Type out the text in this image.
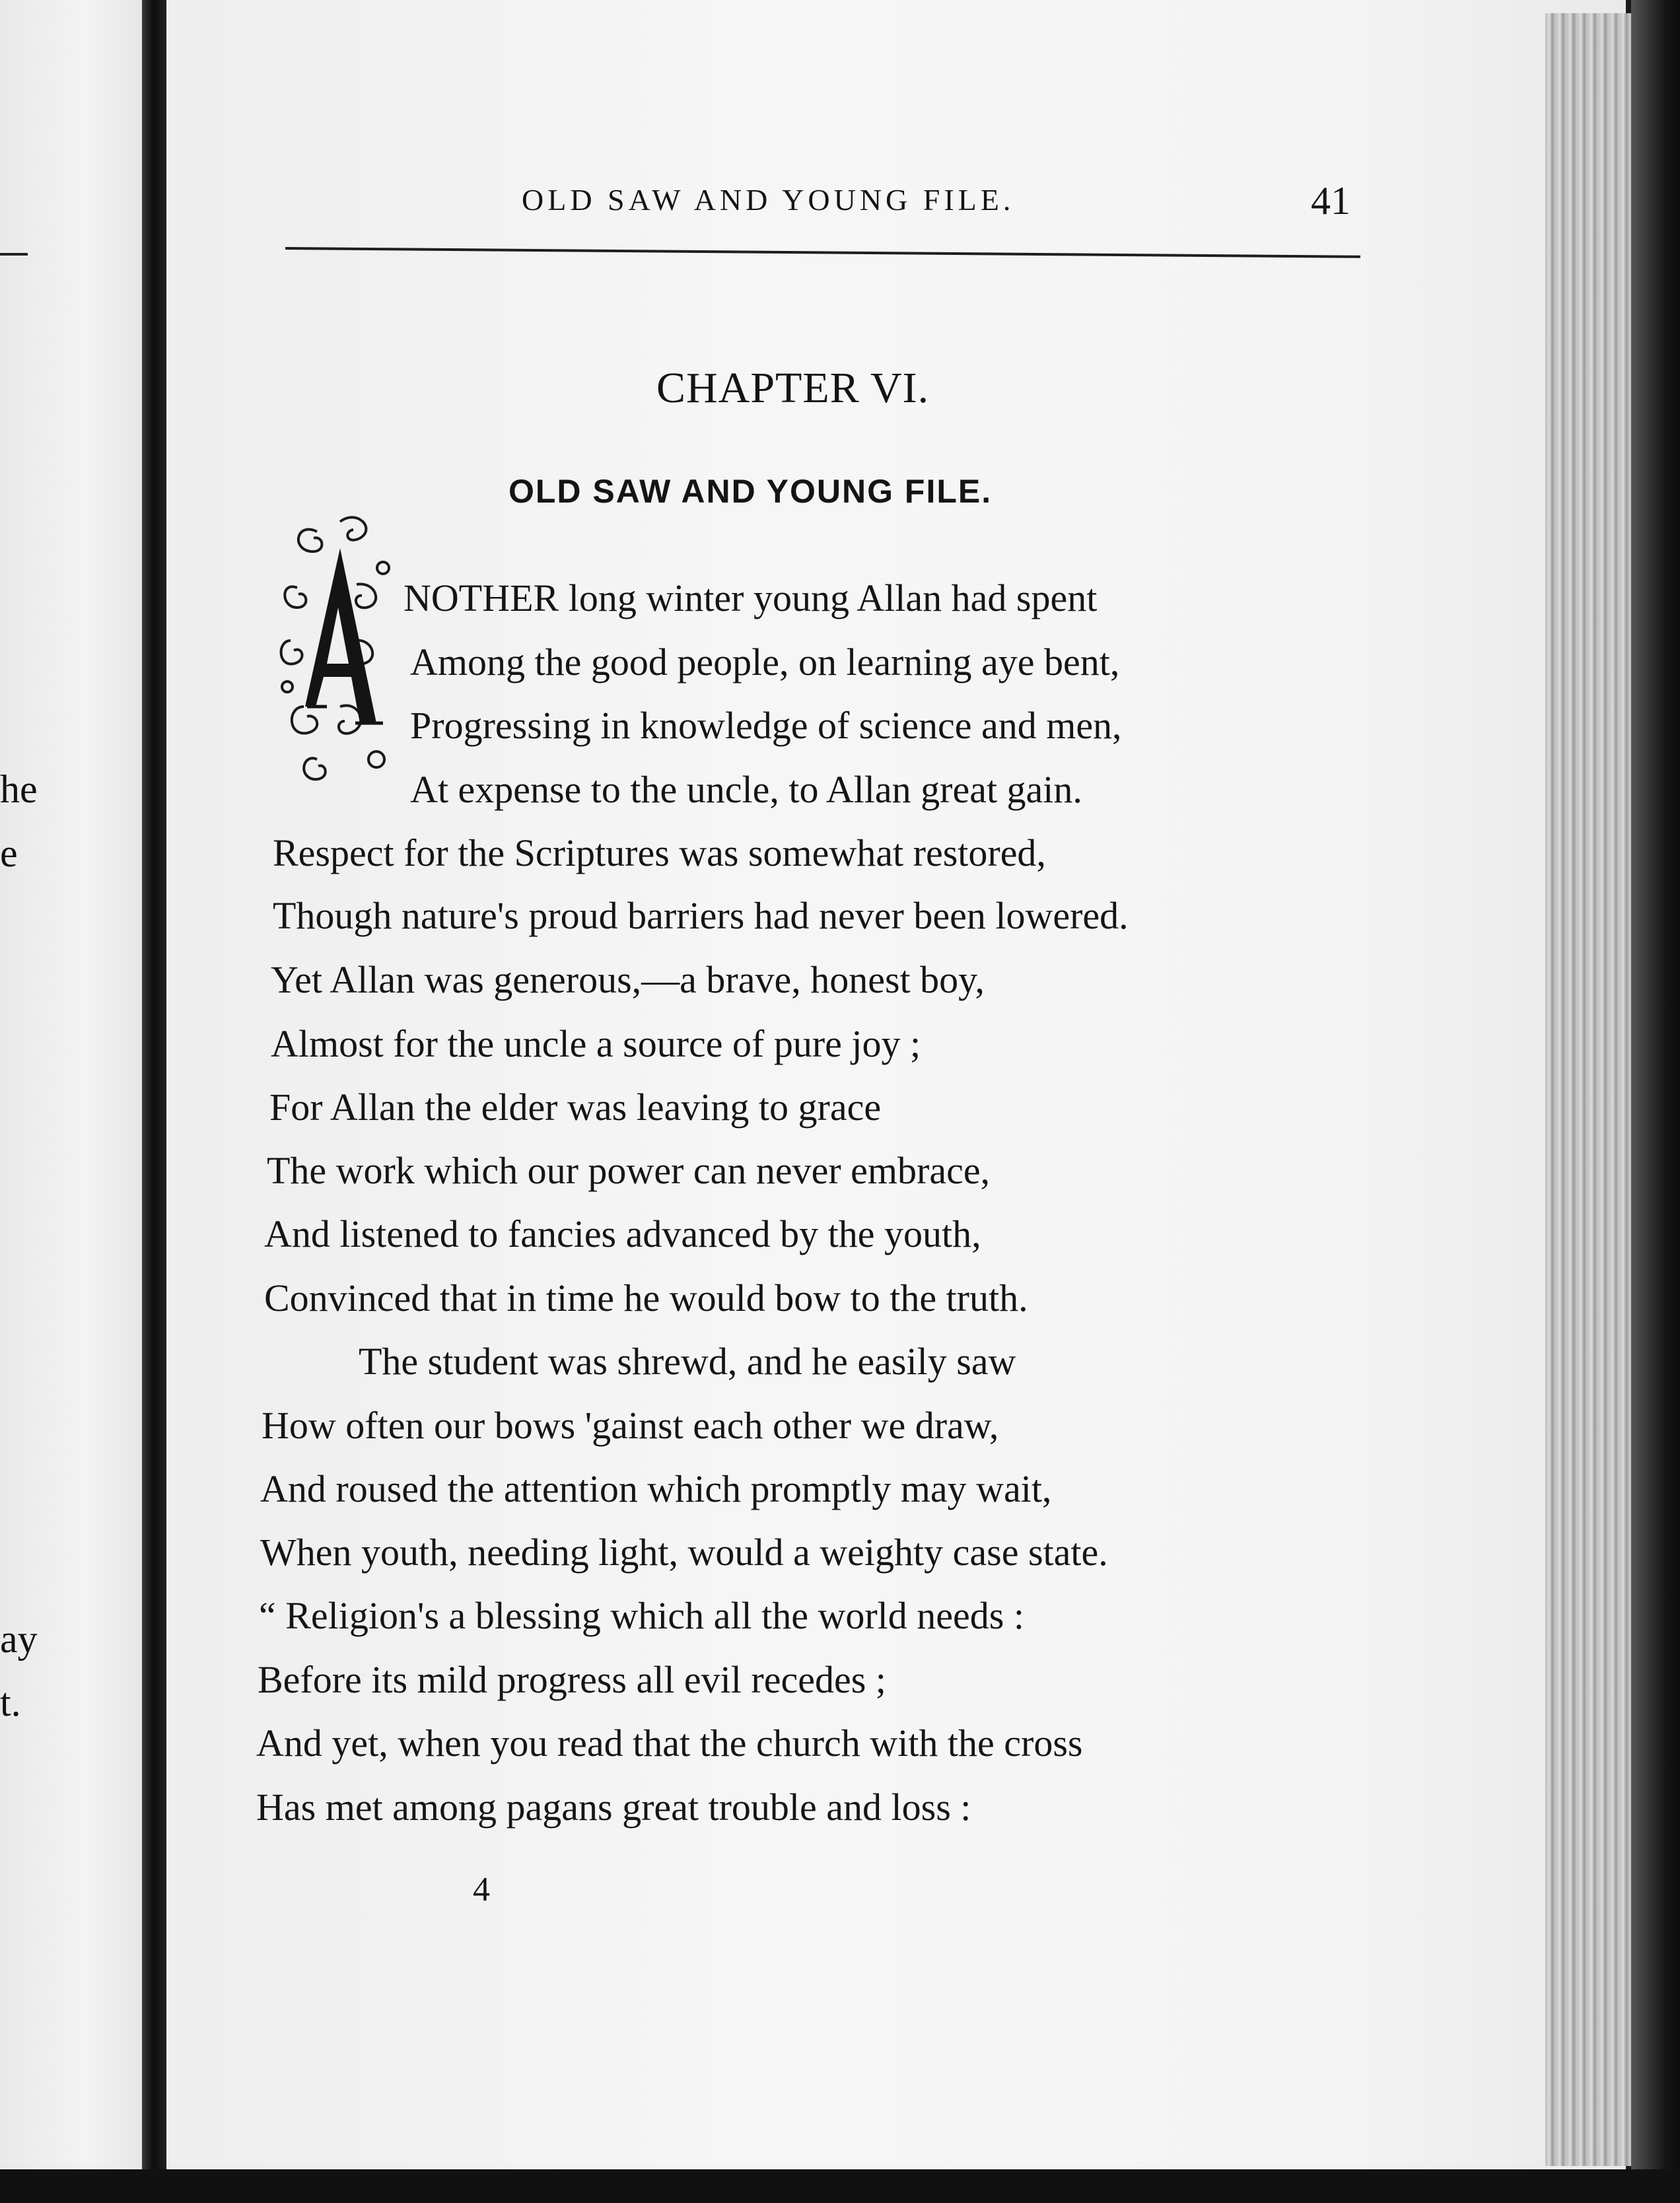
he
e
ay
t.
OLD SAW AND YOUNG FILE.	41
CHAPTER VI.
OLD SAW AND YOUNG FILE.

NOTHER long winter young Allan had spent

Among the good people, on learning aye bent,

Progressing in knowledge of science and men,

At expense to the uncle, to Allan great gain.

Respect for the Scriptures was somewhat restored,

Though nature's proud barriers had never been lowered.

Yet Allan was generous,—a brave, honest boy,

Almost for the uncle a source of pure joy ;

For Allan the elder was leaving to grace

The work which our power can never embrace,

And listened to fancies advanced by the youth,

Convinced that in time he would bow to the truth.

The student was shrewd, and he easily saw

How often our bows 'gainst each other we draw,

And roused the attention which promptly may wait,

When youth, needing light, would a weighty case state.

“ Religion's a blessing which all the world needs :

Before its mild progress all evil recedes ;

And yet, when you read that the church with the cross

Has met among pagans great trouble and loss :

4
